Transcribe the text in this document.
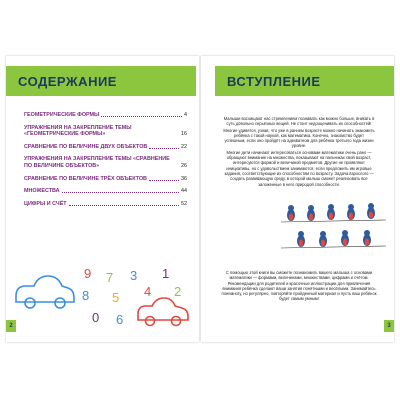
СОДЕРЖАНИЕ
ГЕОМЕТРИЧЕСКИЕ ФОРМЫ	4
УПРАЖНЕНИЯ НА ЗАКРЕПЛЕНИЕ ТЕМЫ «ГЕОМЕТРИЧЕСКИЕ ФОРМЫ»	16
СРАВНЕНИЕ ПО ВЕЛИЧИНЕ ДВУХ ОБЪЕКТОВ	22
УПРАЖНЕНИЯ НА ЗАКРЕПЛЕНИЕ ТЕМЫ «СРАВНЕНИЕ ПО ВЕЛИЧИНЕ ОБЪЕКТОВ»	26
СРАВНЕНИЕ ПО ВЕЛИЧИНЕ ТРЁХ ОБЪЕКТОВ	36
МНОЖЕСТВА	44
ЦИФРЫ И СЧЁТ	52
9 7 3 1
8 5 4 2
0 6
2
ВСТУПЛЕНИЕ

Малыши восхищают нас стремлением познавать как можно больше, вникать в суть довольно серьёзных вещей. Не стоит недооценивать их способностей!

Многие удивятся, узнав, что уже в раннем возрасте можно начинать знакомить ребёнка с такой наукой, как математика. Конечно, знакомство будет успешным, если оно пройдёт на адекватном для ребёнка третьего года жизни уровне.

Многие дети начинают интересоваться основами математики очень рано — обращают внимание на множества, показывают на пальчиках свой возраст, интересуются формой и величиной предметов. Другие не проявляют инициативы, но с удовольствием занимаются, если предложить им игровые задания, соответствующие их способностям по возрасту. Задача взрослого — создать развивающую среду, в которой малыш сможет реализовать все заложенные в него природой способности.

С помощью этой книги вы сможете познакомить вашего малыша с основами математики — формами, величинами, множествами, цифрами и счётом. Рекомендации для родителей и красочные иллюстрации для привлечения внимания ребёнка сделают ваши занятия понятными и весёлыми. Занимайтесь понемногу, но регулярно, повторяйте пройденный материал и пусть ваш ребёнок будет самым умным!

3
